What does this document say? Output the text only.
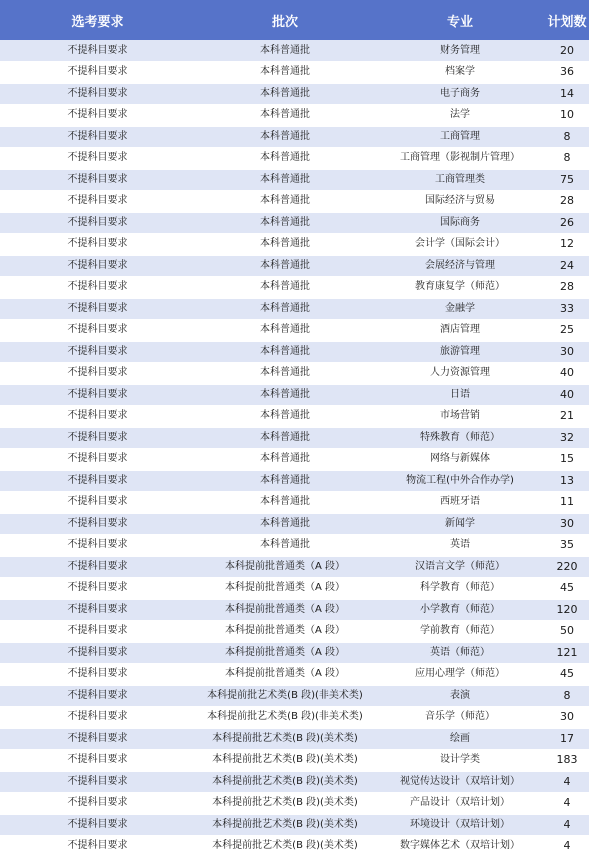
选考要求	批次	专业	计划数
不提科目要求	本科普通批	财务管理	20
不提科目要求	本科普通批	档案学	36
不提科目要求	本科普通批	电子商务	14
不提科目要求	本科普通批	法学	10
不提科目要求	本科普通批	工商管理	8
不提科目要求	本科普通批	工商管理（影视制片管理）	8
不提科目要求	本科普通批	工商管理类	75
不提科目要求	本科普通批	国际经济与贸易	28
不提科目要求	本科普通批	国际商务	26
不提科目要求	本科普通批	会计学（国际会计）	12
不提科目要求	本科普通批	会展经济与管理	24
不提科目要求	本科普通批	教育康复学（师范）	28
不提科目要求	本科普通批	金融学	33
不提科目要求	本科普通批	酒店管理	25
不提科目要求	本科普通批	旅游管理	30
不提科目要求	本科普通批	人力资源管理	40
不提科目要求	本科普通批	日语	40
不提科目要求	本科普通批	市场营销	21
不提科目要求	本科普通批	特殊教育（师范）	32
不提科目要求	本科普通批	网络与新媒体	15
不提科目要求	本科普通批	物流工程(中外合作办学)	13
不提科目要求	本科普通批	西班牙语	11
不提科目要求	本科普通批	新闻学	30
不提科目要求	本科普通批	英语	35
不提科目要求	本科提前批普通类（A 段）	汉语言文学（师范）	220
不提科目要求	本科提前批普通类（A 段）	科学教育（师范）	45
不提科目要求	本科提前批普通类（A 段）	小学教育（师范）	120
不提科目要求	本科提前批普通类（A 段）	学前教育（师范）	50
不提科目要求	本科提前批普通类（A 段）	英语（师范）	121
不提科目要求	本科提前批普通类（A 段）	应用心理学（师范）	45
不提科目要求	本科提前批艺术类(B 段)(非美术类)	表演	8
不提科目要求	本科提前批艺术类(B 段)(非美术类)	音乐学（师范）	30
不提科目要求	本科提前批艺术类(B 段)(美术类)	绘画	17
不提科目要求	本科提前批艺术类(B 段)(美术类)	设计学类	183
不提科目要求	本科提前批艺术类(B 段)(美术类)	视觉传达设计（双培计划）	4
不提科目要求	本科提前批艺术类(B 段)(美术类)	产品设计（双培计划）	4
不提科目要求	本科提前批艺术类(B 段)(美术类)	环境设计（双培计划）	4
不提科目要求	本科提前批艺术类(B 段)(美术类)	数字媒体艺术（双培计划）	4
